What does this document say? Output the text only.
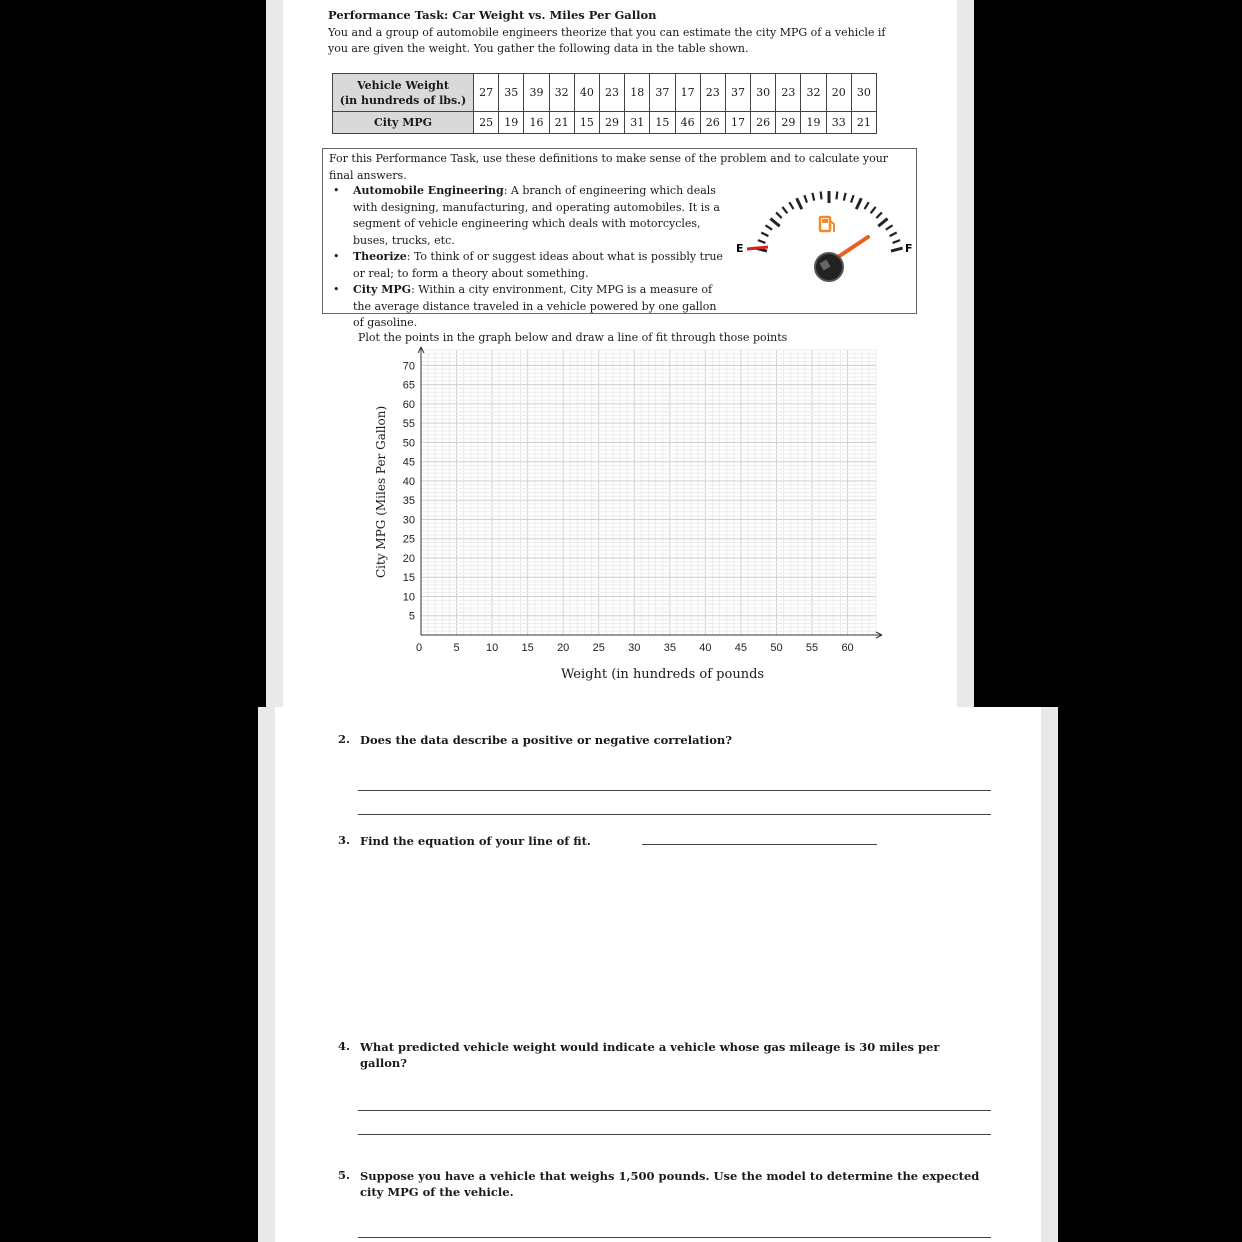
Performance Task: Car Weight vs. Miles Per Gallon
You and a group of automobile engineers theorize that you can estimate the city MPG of a vehicle if you are given the weight. You gather the following data in the table shown.
Vehicle Weight
(in hundreds of lbs.)	27	35	39	32	40	23	18	37	17	23	37	30	23	32	20	30
City MPG	25	19	16	21	15	29	31	15	46	26	17	26	29	19	33	21
For this Performance Task, use these definitions to make sense of the problem and to calculate your final answers.
• Automobile Engineering: A branch of engineering which deals with designing, manufacturing, and operating automobiles. It is a segment of vehicle engineering which deals with motorcycles, buses, trucks, etc.
• Theorize: To think of or suggest ideas about what is possibly true or real; to form a theory about something.
• City MPG: Within a city environment, City MPG is a measure of the average distance traveled in a vehicle powered by one gallon of gasoline.
E	F
Plot the points in the graph below and draw a line of fit through those points
5
10
15
20
25
30
35
40
45
50
55
60
65
70
0	5 10 15 20 25 30 35 40 45 50 55 60
City MPG (Miles Per Gallon)
Weight (in hundreds of pounds
2. Does the data describe a positive or negative correlation?
3. Find the equation of your line of fit.
4. What predicted vehicle weight would indicate a vehicle whose gas mileage is 30 miles per gallon?
5. Suppose you have a vehicle that weighs 1,500 pounds. Use the model to determine the expected city MPG of the vehicle.
